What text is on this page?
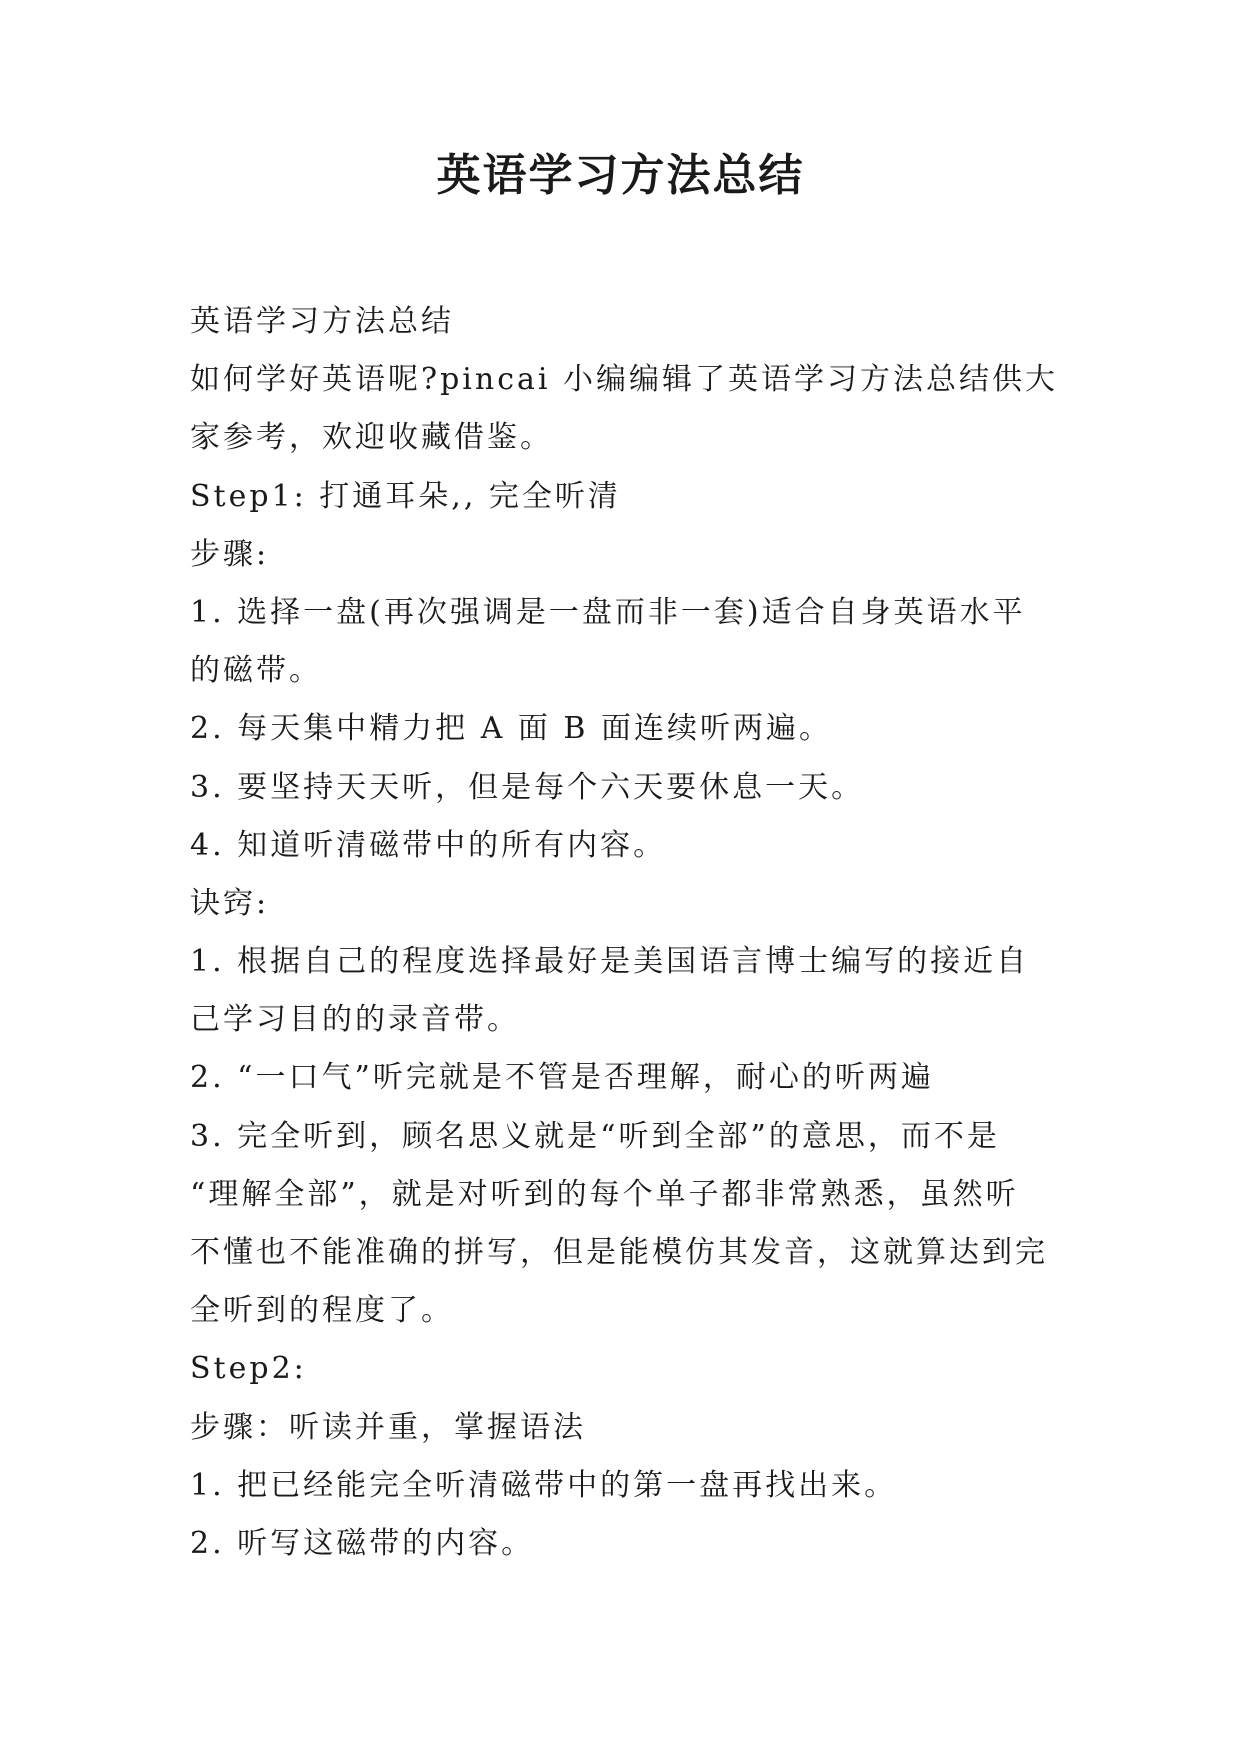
英语学习方法总结

英语学习方法总结

如何学好英语呢?pincai 小编编辑了英语学习方法总结供大

家参考，欢迎收藏借鉴。

Step1: 打通耳朵,, 完全听清

步骤:

1. 选择一盘(再次强调是一盘而非一套)适合自身英语水平

的磁带。

2. 每天集中精力把 A 面 B 面连续听两遍。

3. 要坚持天天听，但是每个六天要休息一天。

4. 知道听清磁带中的所有内容。

诀窍:

1. 根据自己的程度选择最好是美国语言博士编写的接近自

己学习目的的录音带。

2. “一口气”听完就是不管是否理解，耐心的听两遍

3. 完全听到，顾名思义就是“听到全部”的意思，而不是

“理解全部”，就是对听到的每个单子都非常熟悉，虽然听

不懂也不能准确的拼写，但是能模仿其发音，这就算达到完

全听到的程度了。

Step2:

步骤：听读并重，掌握语法

1. 把已经能完全听清磁带中的第一盘再找出来。

2. 听写这磁带的内容。
